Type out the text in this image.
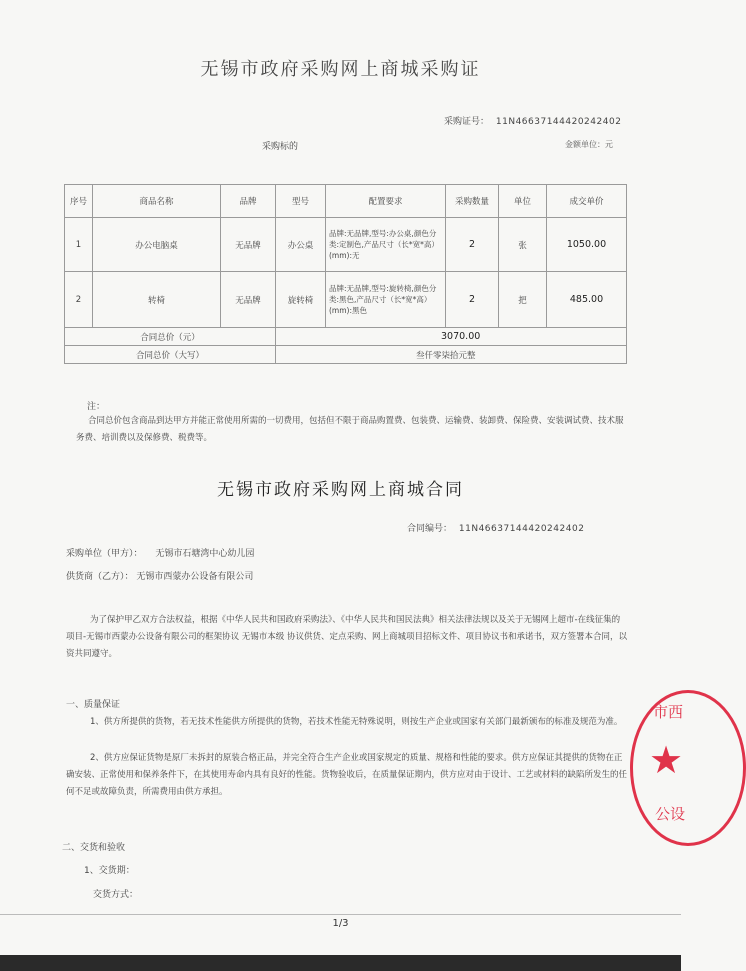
无锡市政府采购网上商城采购证
采购证号： 11N46637144420242402
采购标的	金额单位：元
序号	商品名称	品牌	型号	配置要求	采购数量	单位	成交单价
1	办公电脑桌	无品牌	办公桌	品牌:无品牌,型号:办公桌,颜色分类:定制色,产品尺寸（长*宽*高）(mm):无	2	张	1050.00
2	转椅	无品牌	旋转椅	品牌:无品牌,型号:旋转椅,颜色分类:黑色,产品尺寸（长*宽*高）(mm):黑色	2	把	485.00
合同总价（元）			3070.00				
合同总价（大写）			叁仟零柒拾元整				
注：
合同总价包含商品到达甲方并能正常使用所需的一切费用，包括但不限于商品购置费、包装费、运输费、装卸费、保险费、安装调试费、技术服务费、培训费以及保修费、税费等。
无锡市政府采购网上商城合同
合同编号： 11N46637144420242402
采购单位（甲方）： 无锡市石塘湾中心幼儿园
供货商（乙方）： 无锡市西蒙办公设备有限公司
为了保护甲乙双方合法权益，根据《中华人民共和国政府采购法》、《中华人民共和国民法典》相关法律法规以及关于无锡网上超市-在线征集的项目-无锡市西蒙办公设备有限公司的框架协议 无锡市本级 协议供货、定点采购、网上商城项目招标文件、项目协议书和承诺书，双方签署本合同，以资共同遵守。
一、质量保证
1、供方所提供的货物，若无技术性能供方所提供的货物，若技术性能无特殊说明，则按生产企业或国家有关部门最新颁布的标准及规范为准。
2、供方应保证货物是原厂未拆封的原装合格正品，并完全符合生产企业或国家规定的质量、规格和性能的要求。供方应保证其提供的货物在正确安装、正常使用和保养条件下，在其使用寿命内具有良好的性能。货物验收后，在质量保证期内，供方应对由于设计、工艺或材料的缺陷所发生的任何不足或故障负责，所需费用由供方承担。
二、交货和验收
1、交货期：
交货方式：
市西
★
公设
1/3
